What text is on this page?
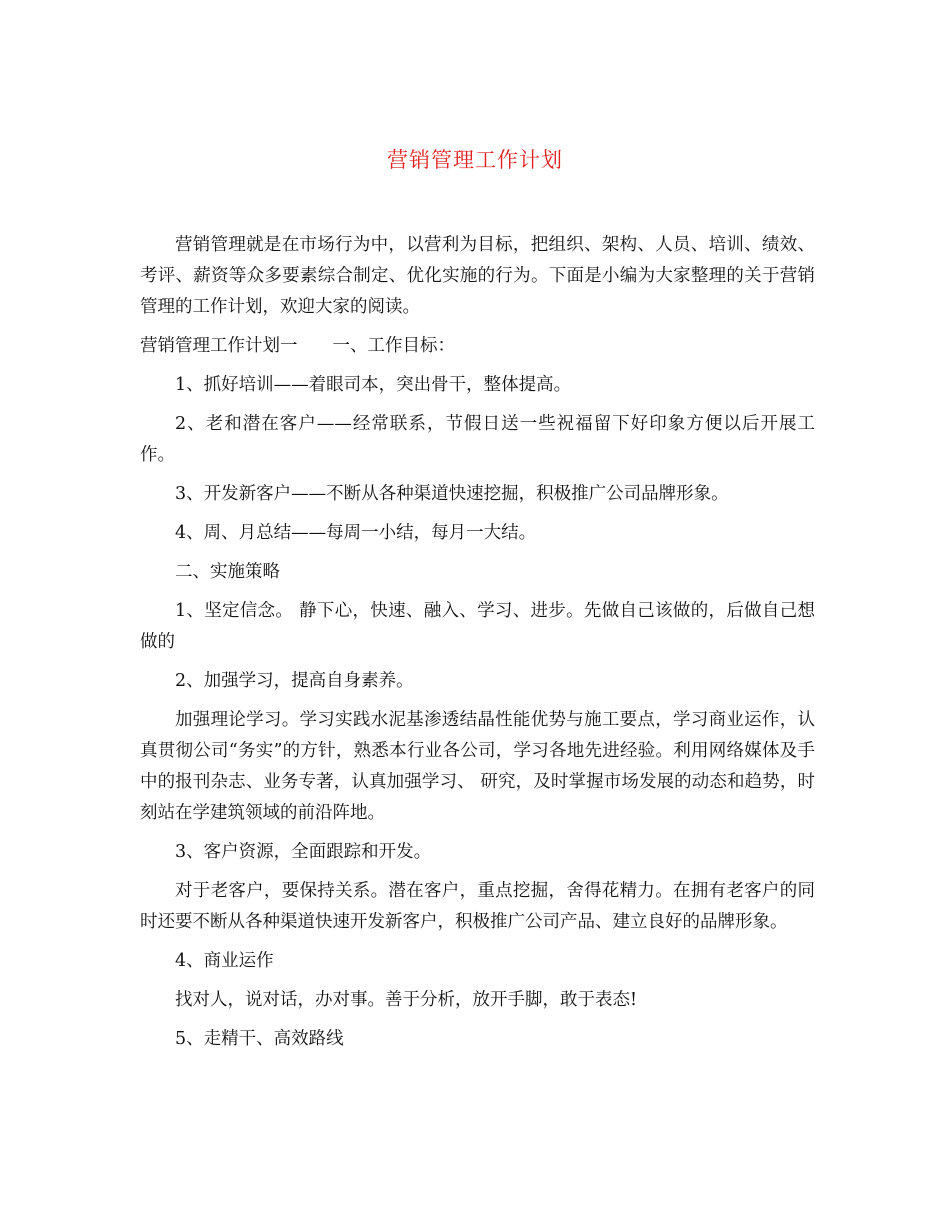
营销管理工作计划

营销管理就是在市场行为中，以营利为目标，把组织、架构、人员、培训、绩效、考评、薪资等众多要素综合制定、优化实施的行为。下面是小编为大家整理的关于营销管理的工作计划，欢迎大家的阅读。

营销管理工作计划一　　一、工作目标：

1、抓好培训——着眼司本，突出骨干，整体提高。

2、老和潜在客户——经常联系，节假日送一些祝福留下好印象方便以后开展工作。

3、开发新客户——不断从各种渠道快速挖掘，积极推广公司品牌形象。

4、周、月总结——每周一小结，每月一大结。

二、实施策略

1、坚定信念。 静下心，快速、融入、学习、进步。先做自己该做的，后做自己想做的

2、加强学习，提高自身素养。

加强理论学习。学习实践水泥基渗透结晶性能优势与施工要点，学习商业运作，认真贯彻公司“务实”的方针，熟悉本行业各公司，学习各地先进经验。利用网络媒体及手中的报刊杂志、业务专著，认真加强学习、 研究，及时掌握市场发展的动态和趋势，时刻站在学建筑领域的前沿阵地。

3、客户资源，全面跟踪和开发。

对于老客户，要保持关系。潜在客户，重点挖掘，舍得花精力。在拥有老客户的同时还要不断从各种渠道快速开发新客户，积极推广公司产品、建立良好的品牌形象。

4、商业运作

找对人，说对话，办对事。善于分析，放开手脚，敢于表态!

5、走精干、高效路线
